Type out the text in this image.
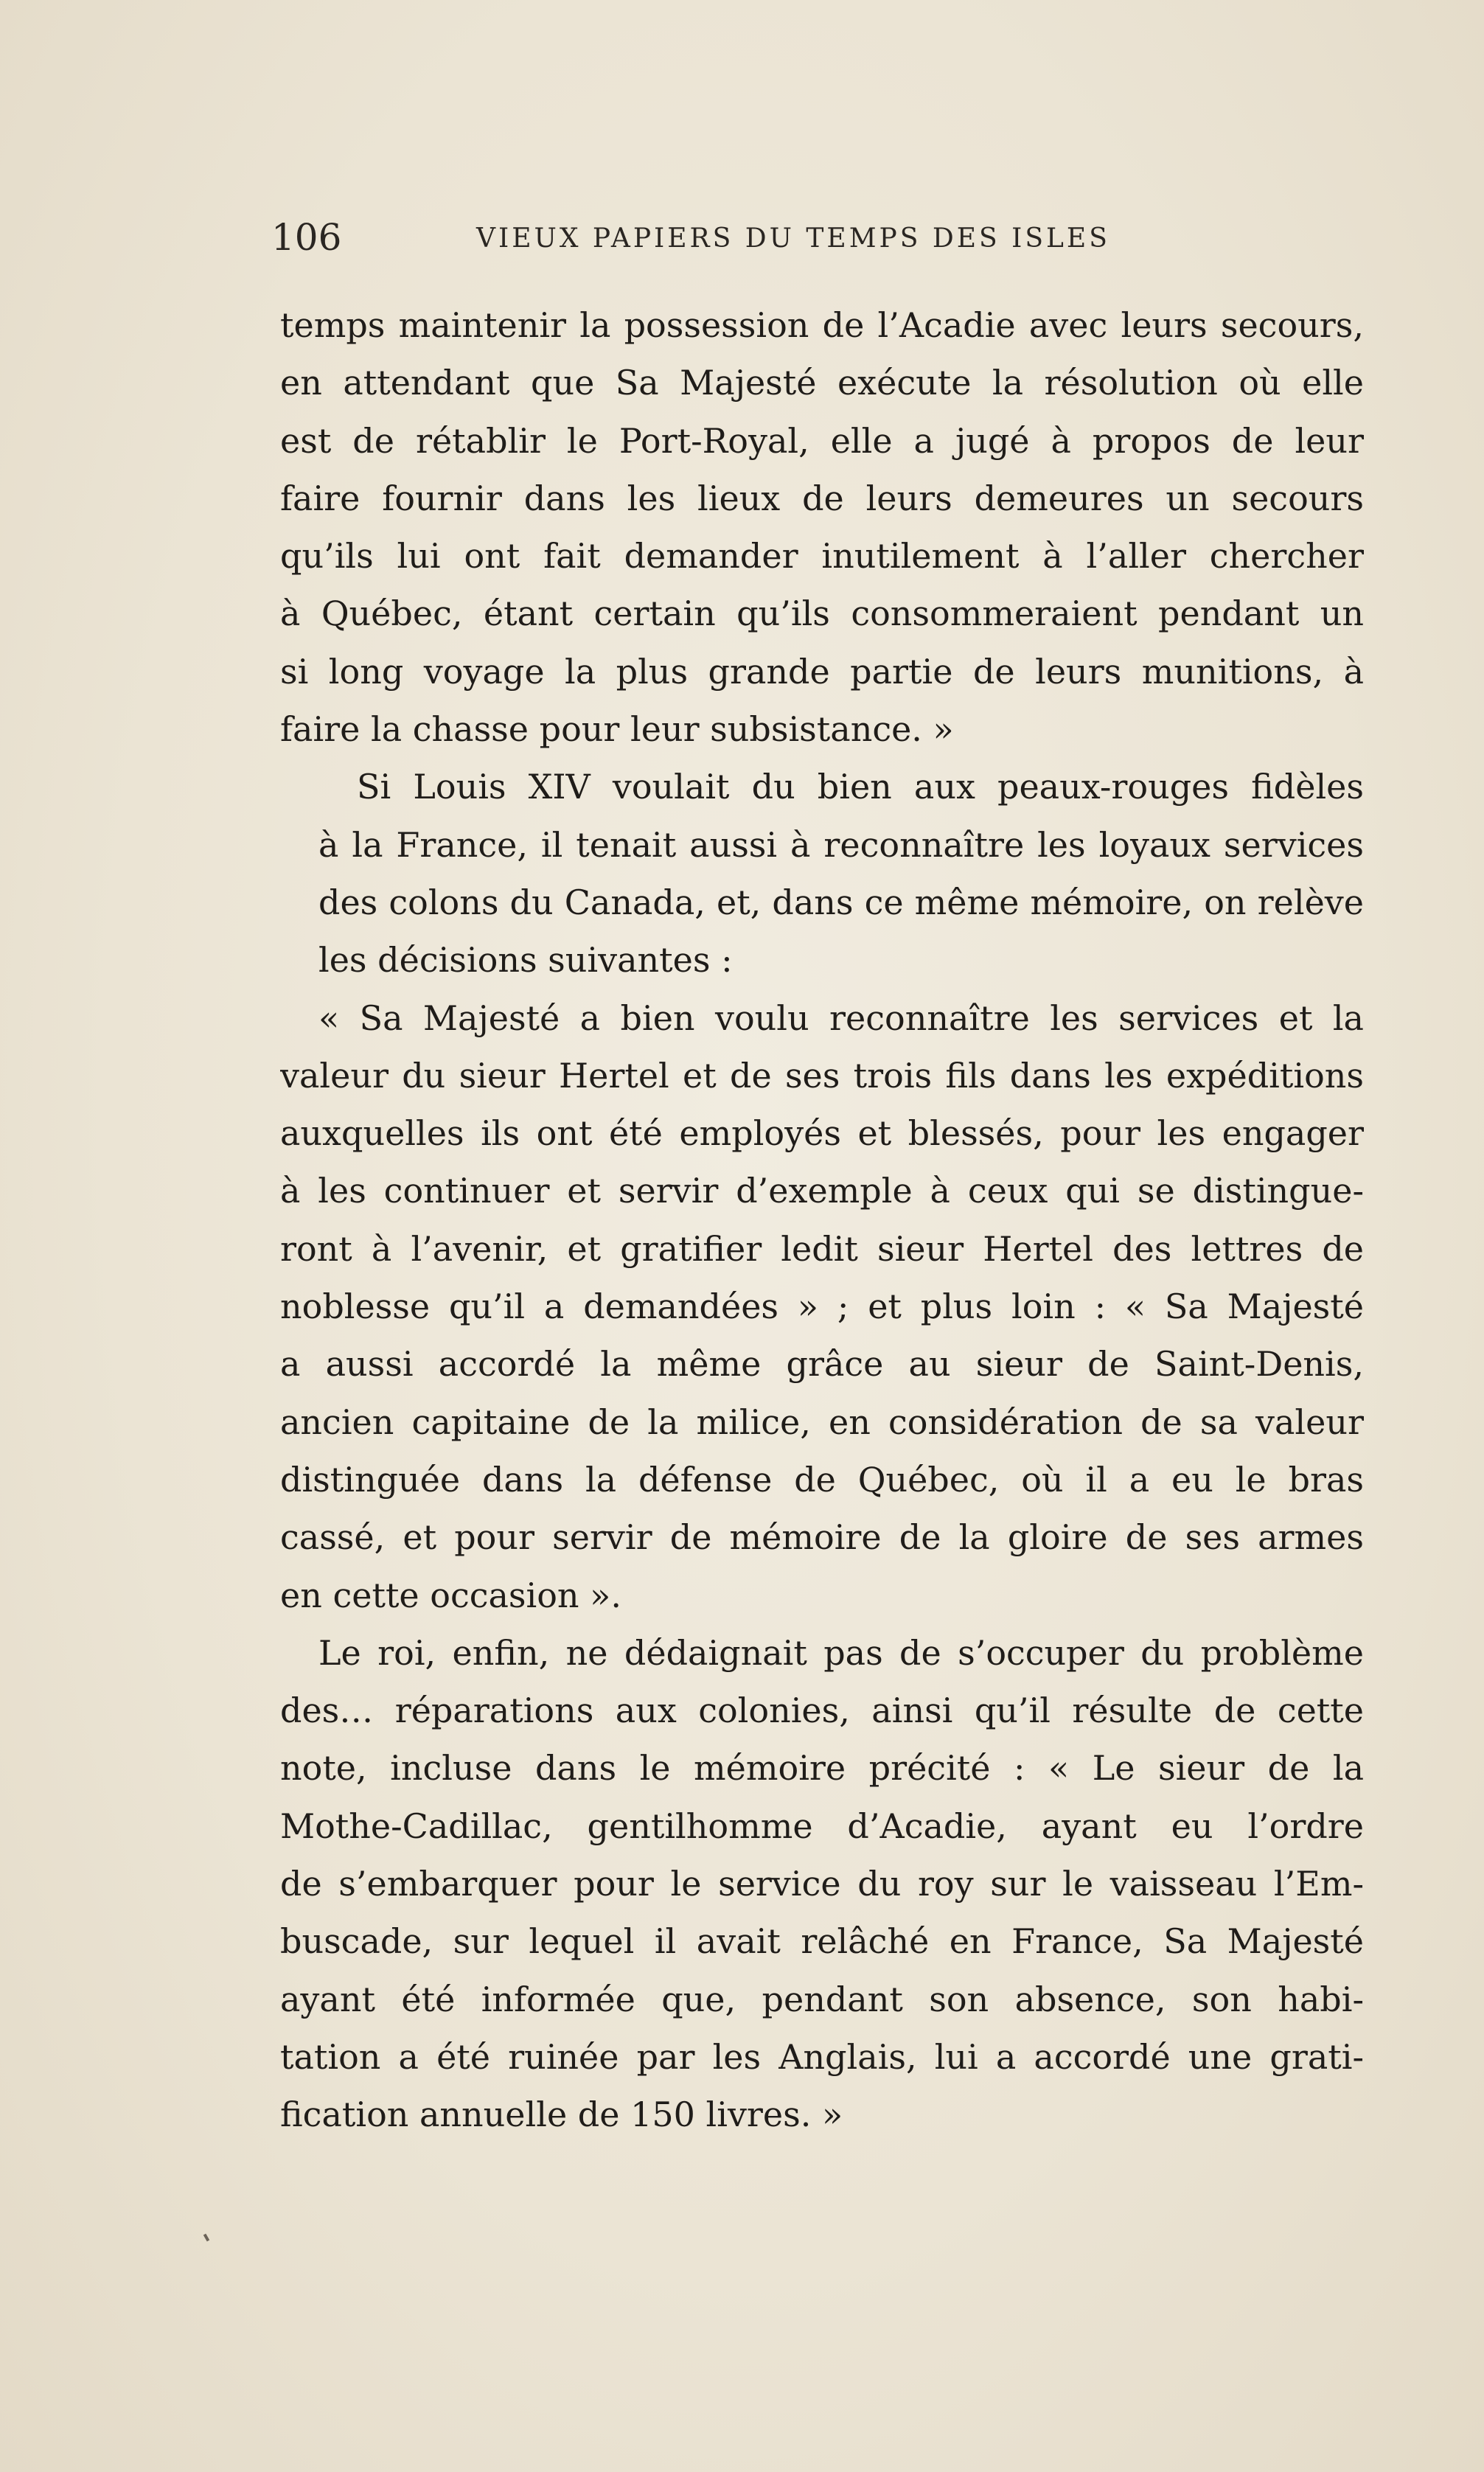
106	VIEUX PAPIERS DU TEMPS DES ISLES

temps maintenir la possession de l’Acadie avec leurs secours,
en attendant que Sa Majesté exécute la résolution où elle
est de rétablir le Port-Royal, elle a jugé à propos de leur
faire fournir dans les lieux de leurs demeures un secours
qu’ils lui ont fait demander inutilement à l’aller chercher
à Québec, étant certain qu’ils consommeraient pendant un
si long voyage la plus grande partie de leurs munitions, à
faire la chasse pour leur subsistance. »

Si Louis XIV voulait du bien aux peaux-rouges fidèles
à la France, il tenait aussi à reconnaître les loyaux services
des colons du Canada, et, dans ce même mémoire, on relève
les décisions suivantes :

« Sa Majesté a bien voulu reconnaître les services et la
valeur du sieur Hertel et de ses trois fils dans les expéditions
auxquelles ils ont été employés et blessés, pour les engager
à les continuer et servir d’exemple à ceux qui se distingue-
ront à l’avenir, et gratifier ledit sieur Hertel des lettres de
noblesse qu’il a demandées » ; et plus loin : « Sa Majesté
a aussi accordé la même grâce au sieur de Saint-Denis,
ancien capitaine de la milice, en considération de sa valeur
distinguée dans la défense de Québec, où il a eu le bras
cassé, et pour servir de mémoire de la gloire de ses armes
en cette occasion ».

Le roi, enfin, ne dédaignait pas de s’occuper du problème
des… réparations aux colonies, ainsi qu’il résulte de cette
note, incluse dans le mémoire précité : « Le sieur de la
Mothe-Cadillac, gentilhomme d’Acadie, ayant eu l’ordre
de s’embarquer pour le service du roy sur le vaisseau l’Em-
buscade, sur lequel il avait relâché en France, Sa Majesté
ayant été informée que, pendant son absence, son habi-
tation a été ruinée par les Anglais, lui a accordé une grati-
fication annuelle de 150 livres. »
